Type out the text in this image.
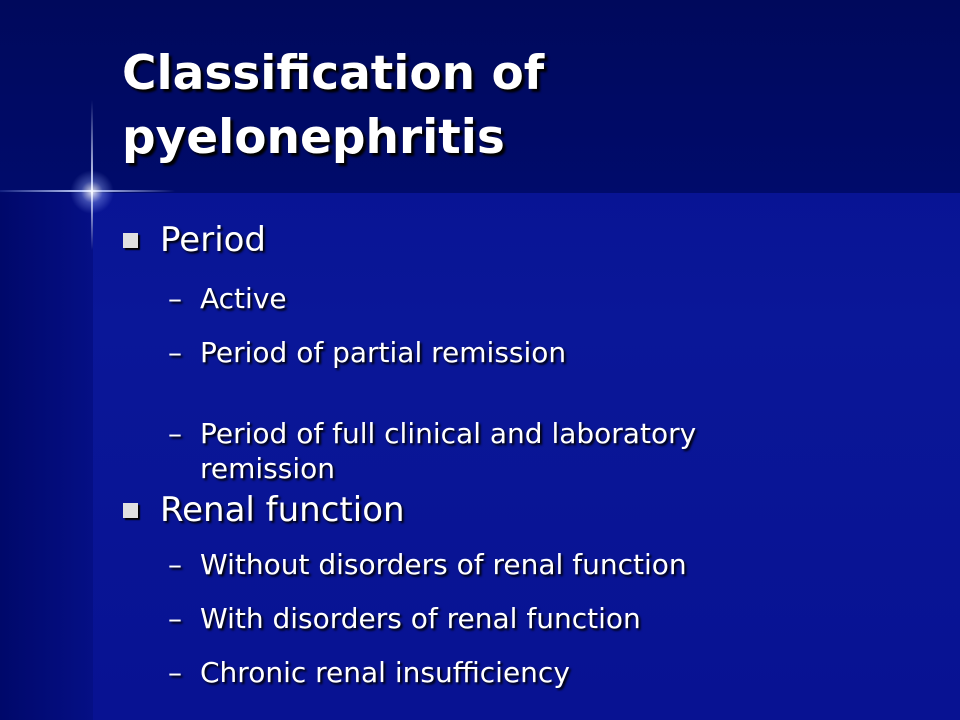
Classification of
pyelonephritis
Period
– Active
– Period of partial remission
– Period of full clinical and laboratory
remission
Renal function
– Without disorders of renal function
– With disorders of renal function
– Chronic renal insufficiency
